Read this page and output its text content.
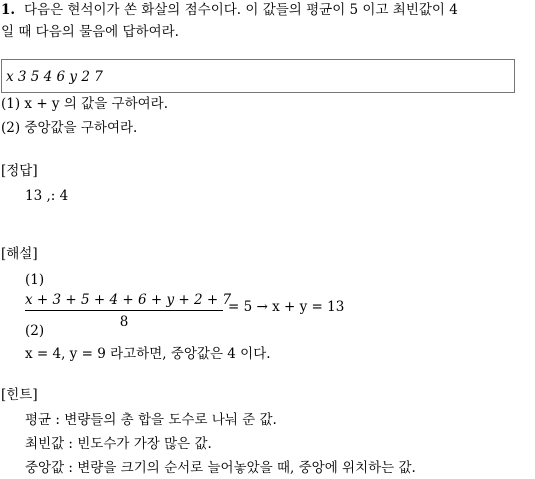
1. 다음은 현석이가 쏜 화살의 점수이다. 이 값들의 평균이 5 이고 최빈값이 4
일 때 다음의 물음에 답하여라.
x 3 5 4 6 y 2 7
(1) x + y 의 값을 구하여라.
(2) 중앙값을 구하여라.
[정답]
13 ,: 4
[해설]
(1)
x + 3 + 5 + 4 + 6 + y + 2 + 7
8
= 5 → x + y = 13
(2)
x = 4, y = 9 라고하면, 중앙값은 4 이다.
[힌트]
평균 : 변량들의 총 합을 도수로 나눠 준 값.
최빈값 : 빈도수가 가장 많은 값.
중앙값 : 변량을 크기의 순서로 늘어놓았을 때, 중앙에 위치하는 값.
